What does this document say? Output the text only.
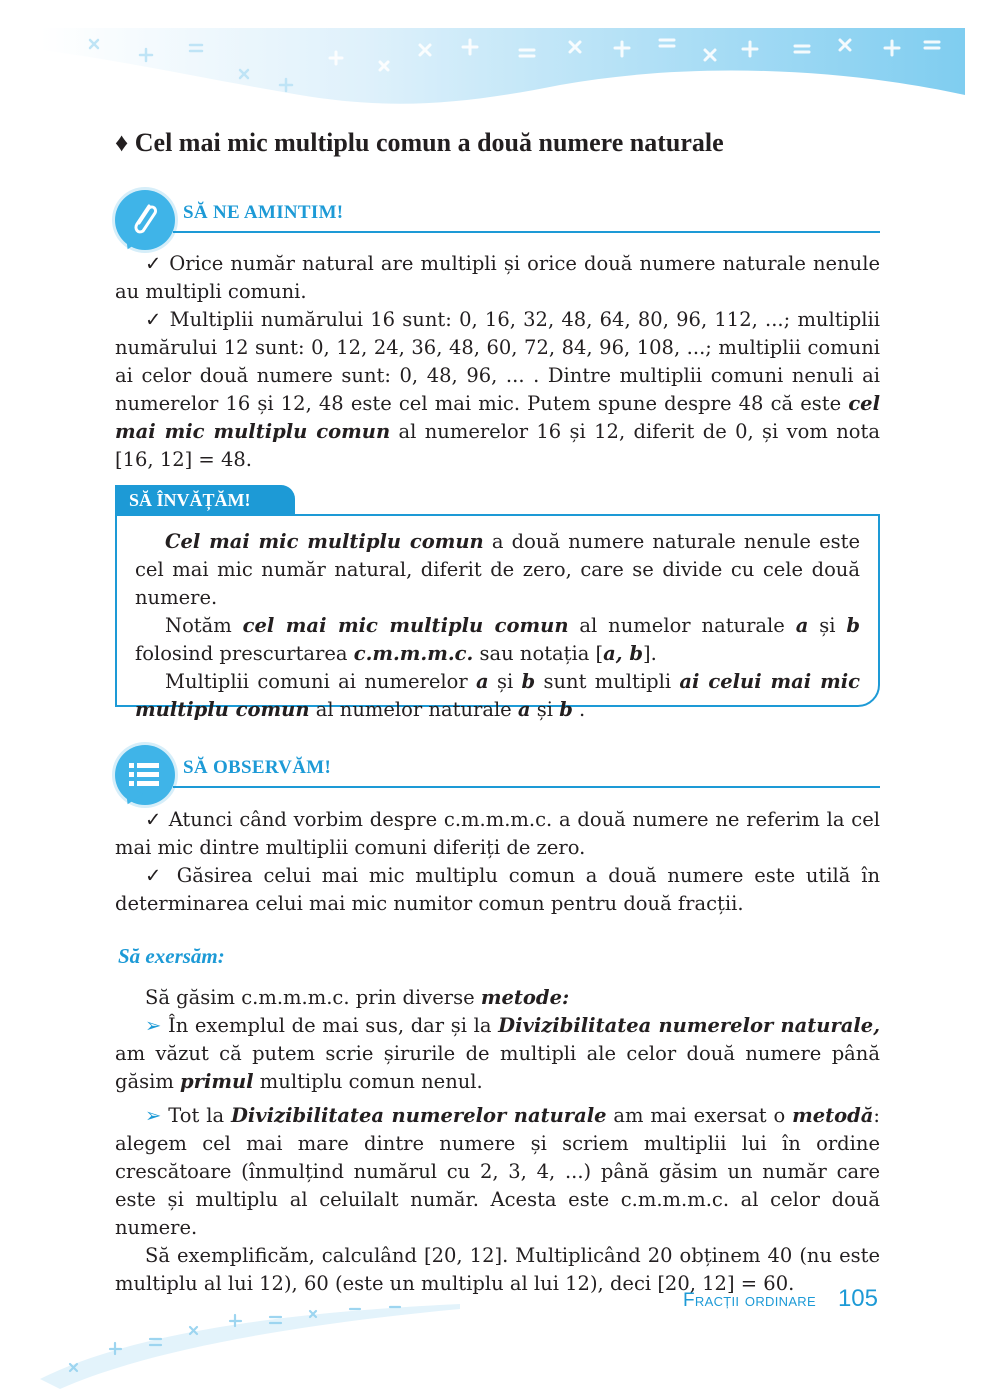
♦ Cel mai mic multiplu comun a două numere naturale
SĂ NE AMINTIM!

✓ Orice număr natural are multipli și orice două numere naturale nenule au multipli comuni.

✓ Multiplii numărului 16 sunt: 0, 16, 32, 48, 64, 80, 96, 112, ...; multiplii numărului 12 sunt: 0, 12, 24, 36, 48, 60, 72, 84, 96, 108, ...; multiplii comuni ai celor două numere sunt: 0, 48, 96, ... . Dintre multiplii comuni nenuli ai numerelor 16 și 12, 48 este cel mai mic. Putem spune despre 48 că este cel mai mic multiplu comun al numerelor 16 și 12, diferit de 0, și vom nota [16, 12] = 48.

SĂ ÎNVĂȚĂM!

Cel mai mic multiplu comun a două numere naturale nenule este cel mai mic număr natural, diferit de zero, care se divide cu cele două numere.

Notăm cel mai mic multiplu comun al numelor naturale a și b folosind prescurtarea c.m.m.m.c. sau notația [a, b].

Multiplii comuni ai numerelor a și b sunt multipli ai celui mai mic multiplu comun al numelor naturale a și b .

SĂ OBSERVĂM!

✓ Atunci când vorbim despre c.m.m.m.c. a două numere ne referim la cel mai mic dintre multiplii comuni diferiți de zero.

✓ Găsirea celui mai mic multiplu comun a două numere este utilă în determinarea celui mai mic numitor comun pentru două fracții.

Să exersăm:

Să găsim c.m.m.m.c. prin diverse metode:

➢ În exemplul de mai sus, dar și la Divizibilitatea numerelor naturale, am văzut că putem scrie șirurile de multipli ale celor două numere până găsim primul multiplu comun nenul.

➢ Tot la Divizibilitatea numerelor naturale am mai exersat o metodă: alegem cel mai mare dintre numere și scriem multiplii lui în ordine crescătoare (înmulțind numărul cu 2, 3, 4, ...) până găsim un număr care este și multiplu al celuilalt număr. Acesta este c.m.m.m.c. al celor două numere.

Să exemplificăm, calculând [20, 12]. Multiplicând 20 obținem 40 (nu este multiplu al lui 12), 60 (este un multiplu al lui 12), deci [20, 12] = 60.

Fracții ordinare 105
